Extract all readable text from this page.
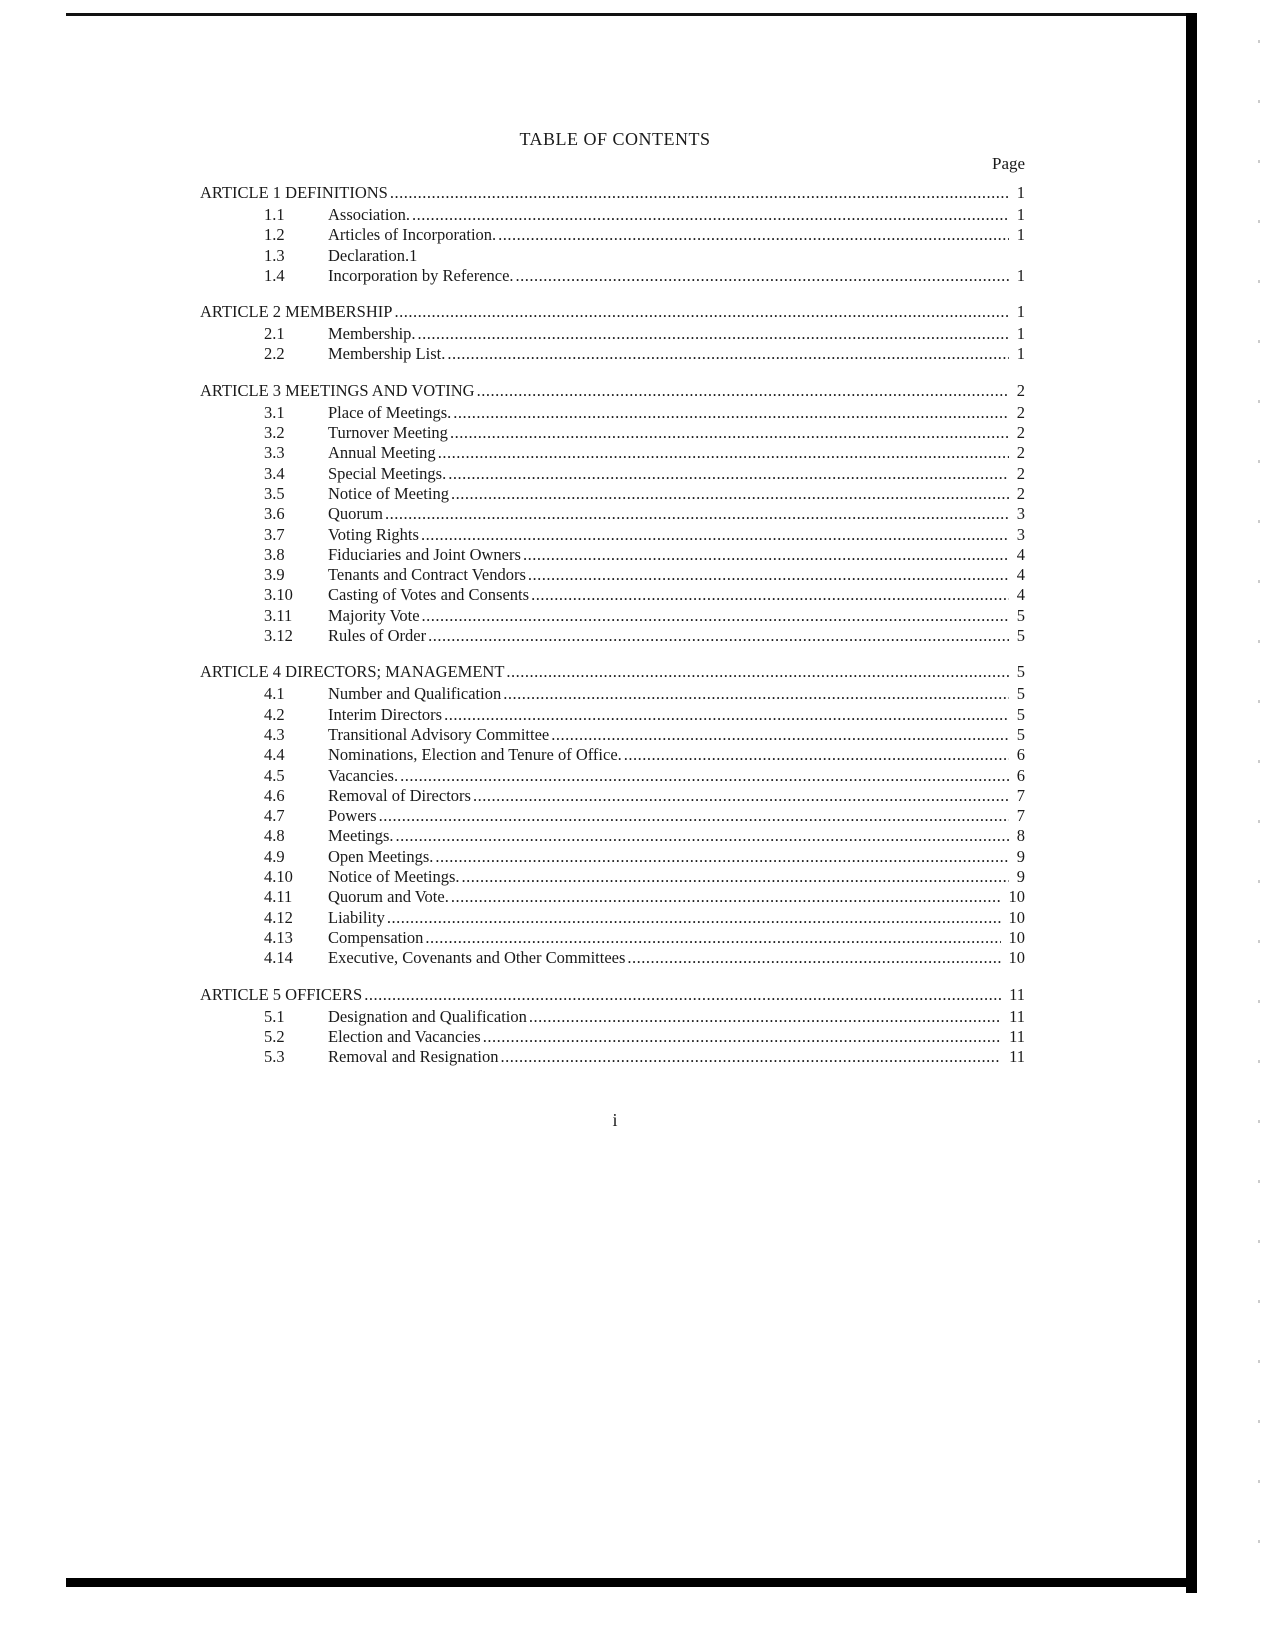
TABLE OF CONTENTS
Page
ARTICLE 1 DEFINITIONS .....	1
1.1	Association. .....	1
1.2	Articles of Incorporation. .....	1
1.3	Declaration.1
1.4	Incorporation by Reference. .....	1
ARTICLE 2 MEMBERSHIP .....	1
2.1	Membership. .....	1
2.2	Membership List. .....	1
ARTICLE 3 MEETINGS AND VOTING .....	2
3.1	Place of Meetings. .....	2
3.2	Turnover Meeting .....	2
3.3	Annual Meeting .....	2
3.4	Special Meetings. .....	2
3.5	Notice of Meeting .....	2
3.6	Quorum .....	3
3.7	Voting Rights .....	3
3.8	Fiduciaries and Joint Owners .....	4
3.9	Tenants and Contract Vendors .....	4
3.10	Casting of Votes and Consents .....	4
3.11	Majority Vote .....	5
3.12	Rules of Order .....	5
ARTICLE 4 DIRECTORS; MANAGEMENT .....	5
4.1	Number and Qualification .....	5
4.2	Interim Directors .....	5
4.3	Transitional Advisory Committee .....	5
4.4	Nominations, Election and Tenure of Office. .....	6
4.5	Vacancies. .....	6
4.6	Removal of Directors .....	7
4.7	Powers .....	7
4.8	Meetings. .....	8
4.9	Open Meetings. .....	9
4.10	Notice of Meetings. .....	9
4.11	Quorum and Vote. .....	10
4.12	Liability .....	10
4.13	Compensation .....	10
4.14	Executive, Covenants and Other Committees .....	10
ARTICLE 5 OFFICERS .....	11
5.1	Designation and Qualification .....	11
5.2	Election and Vacancies .....	11
5.3	Removal and Resignation .....	11
i
